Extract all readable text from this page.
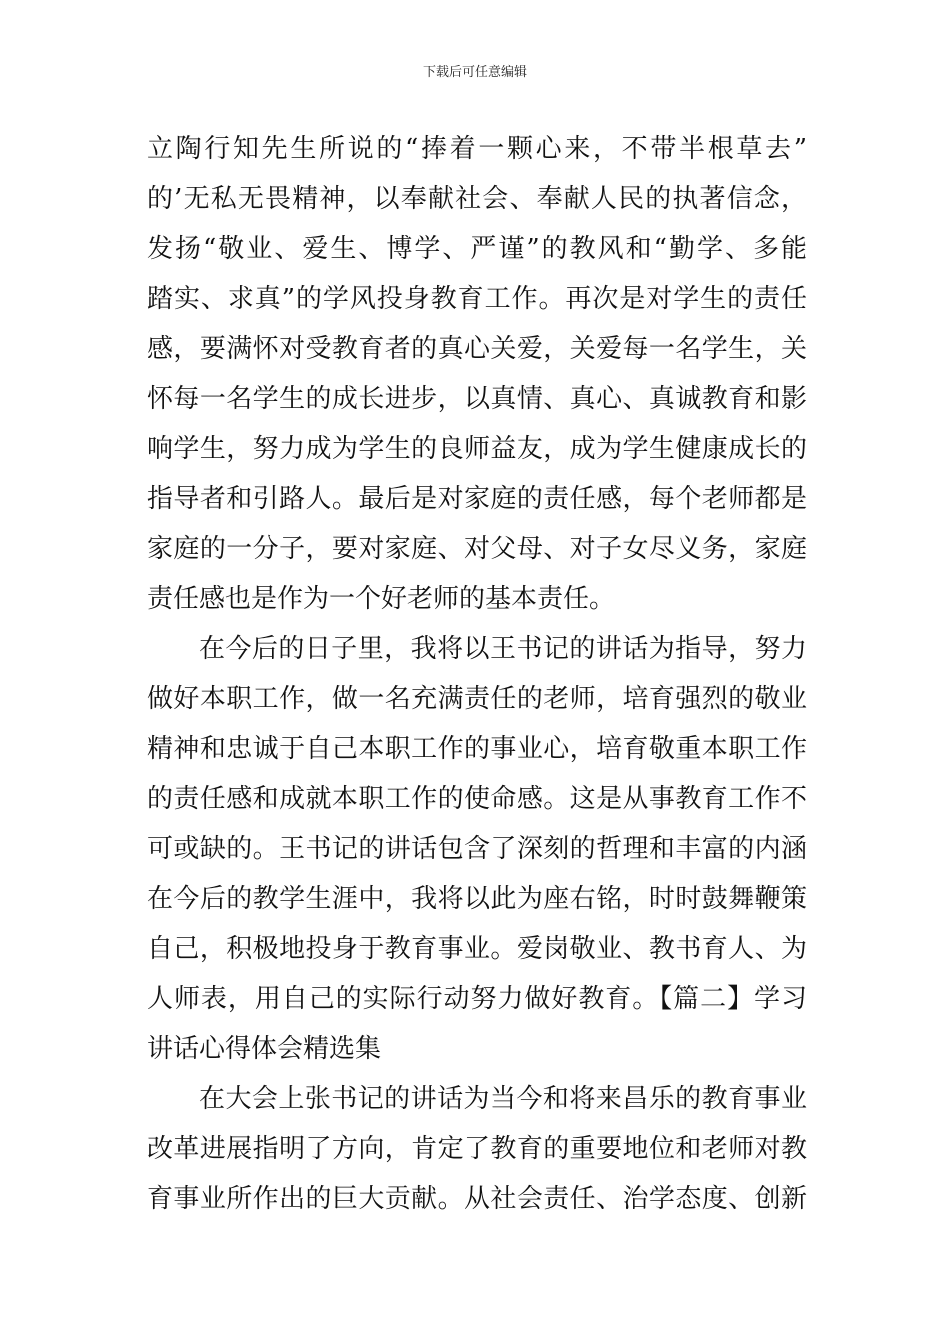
下载后可任意编辑
立陶行知先生所说的“捧着一颗心来，不带半根草去”
的’无私无畏精神，以奉献社会、奉献人民的执著信念，
发扬“敬业、爱生、博学、严谨”的教风和“勤学、多能
踏实、求真”的学风投身教育工作。再次是对学生的责任
感，要满怀对受教育者的真心关爱，关爱每一名学生，关
怀每一名学生的成长进步，以真情、真心、真诚教育和影
响学生，努力成为学生的良师益友，成为学生健康成长的
指导者和引路人。最后是对家庭的责任感，每个老师都是
家庭的一分子，要对家庭、对父母、对子女尽义务，家庭
责任感也是作为一个好老师的基本责任。
在今后的日子里，我将以王书记的讲话为指导，努力
做好本职工作，做一名充满责任的老师，培育强烈的敬业
精神和忠诚于自己本职工作的事业心，培育敬重本职工作
的责任感和成就本职工作的使命感。这是从事教育工作不
可或缺的。王书记的讲话包含了深刻的哲理和丰富的内涵
在今后的教学生涯中，我将以此为座右铭，时时鼓舞鞭策
自己，积极地投身于教育事业。爱岗敬业、教书育人、为
人师表，用自己的实际行动努力做好教育。【篇二】学习
讲话心得体会精选集
在大会上张书记的讲话为当今和将来昌乐的教育事业
改革进展指明了方向，肯定了教育的重要地位和老师对教
育事业所作出的巨大贡献。从社会责任、治学态度、创新
